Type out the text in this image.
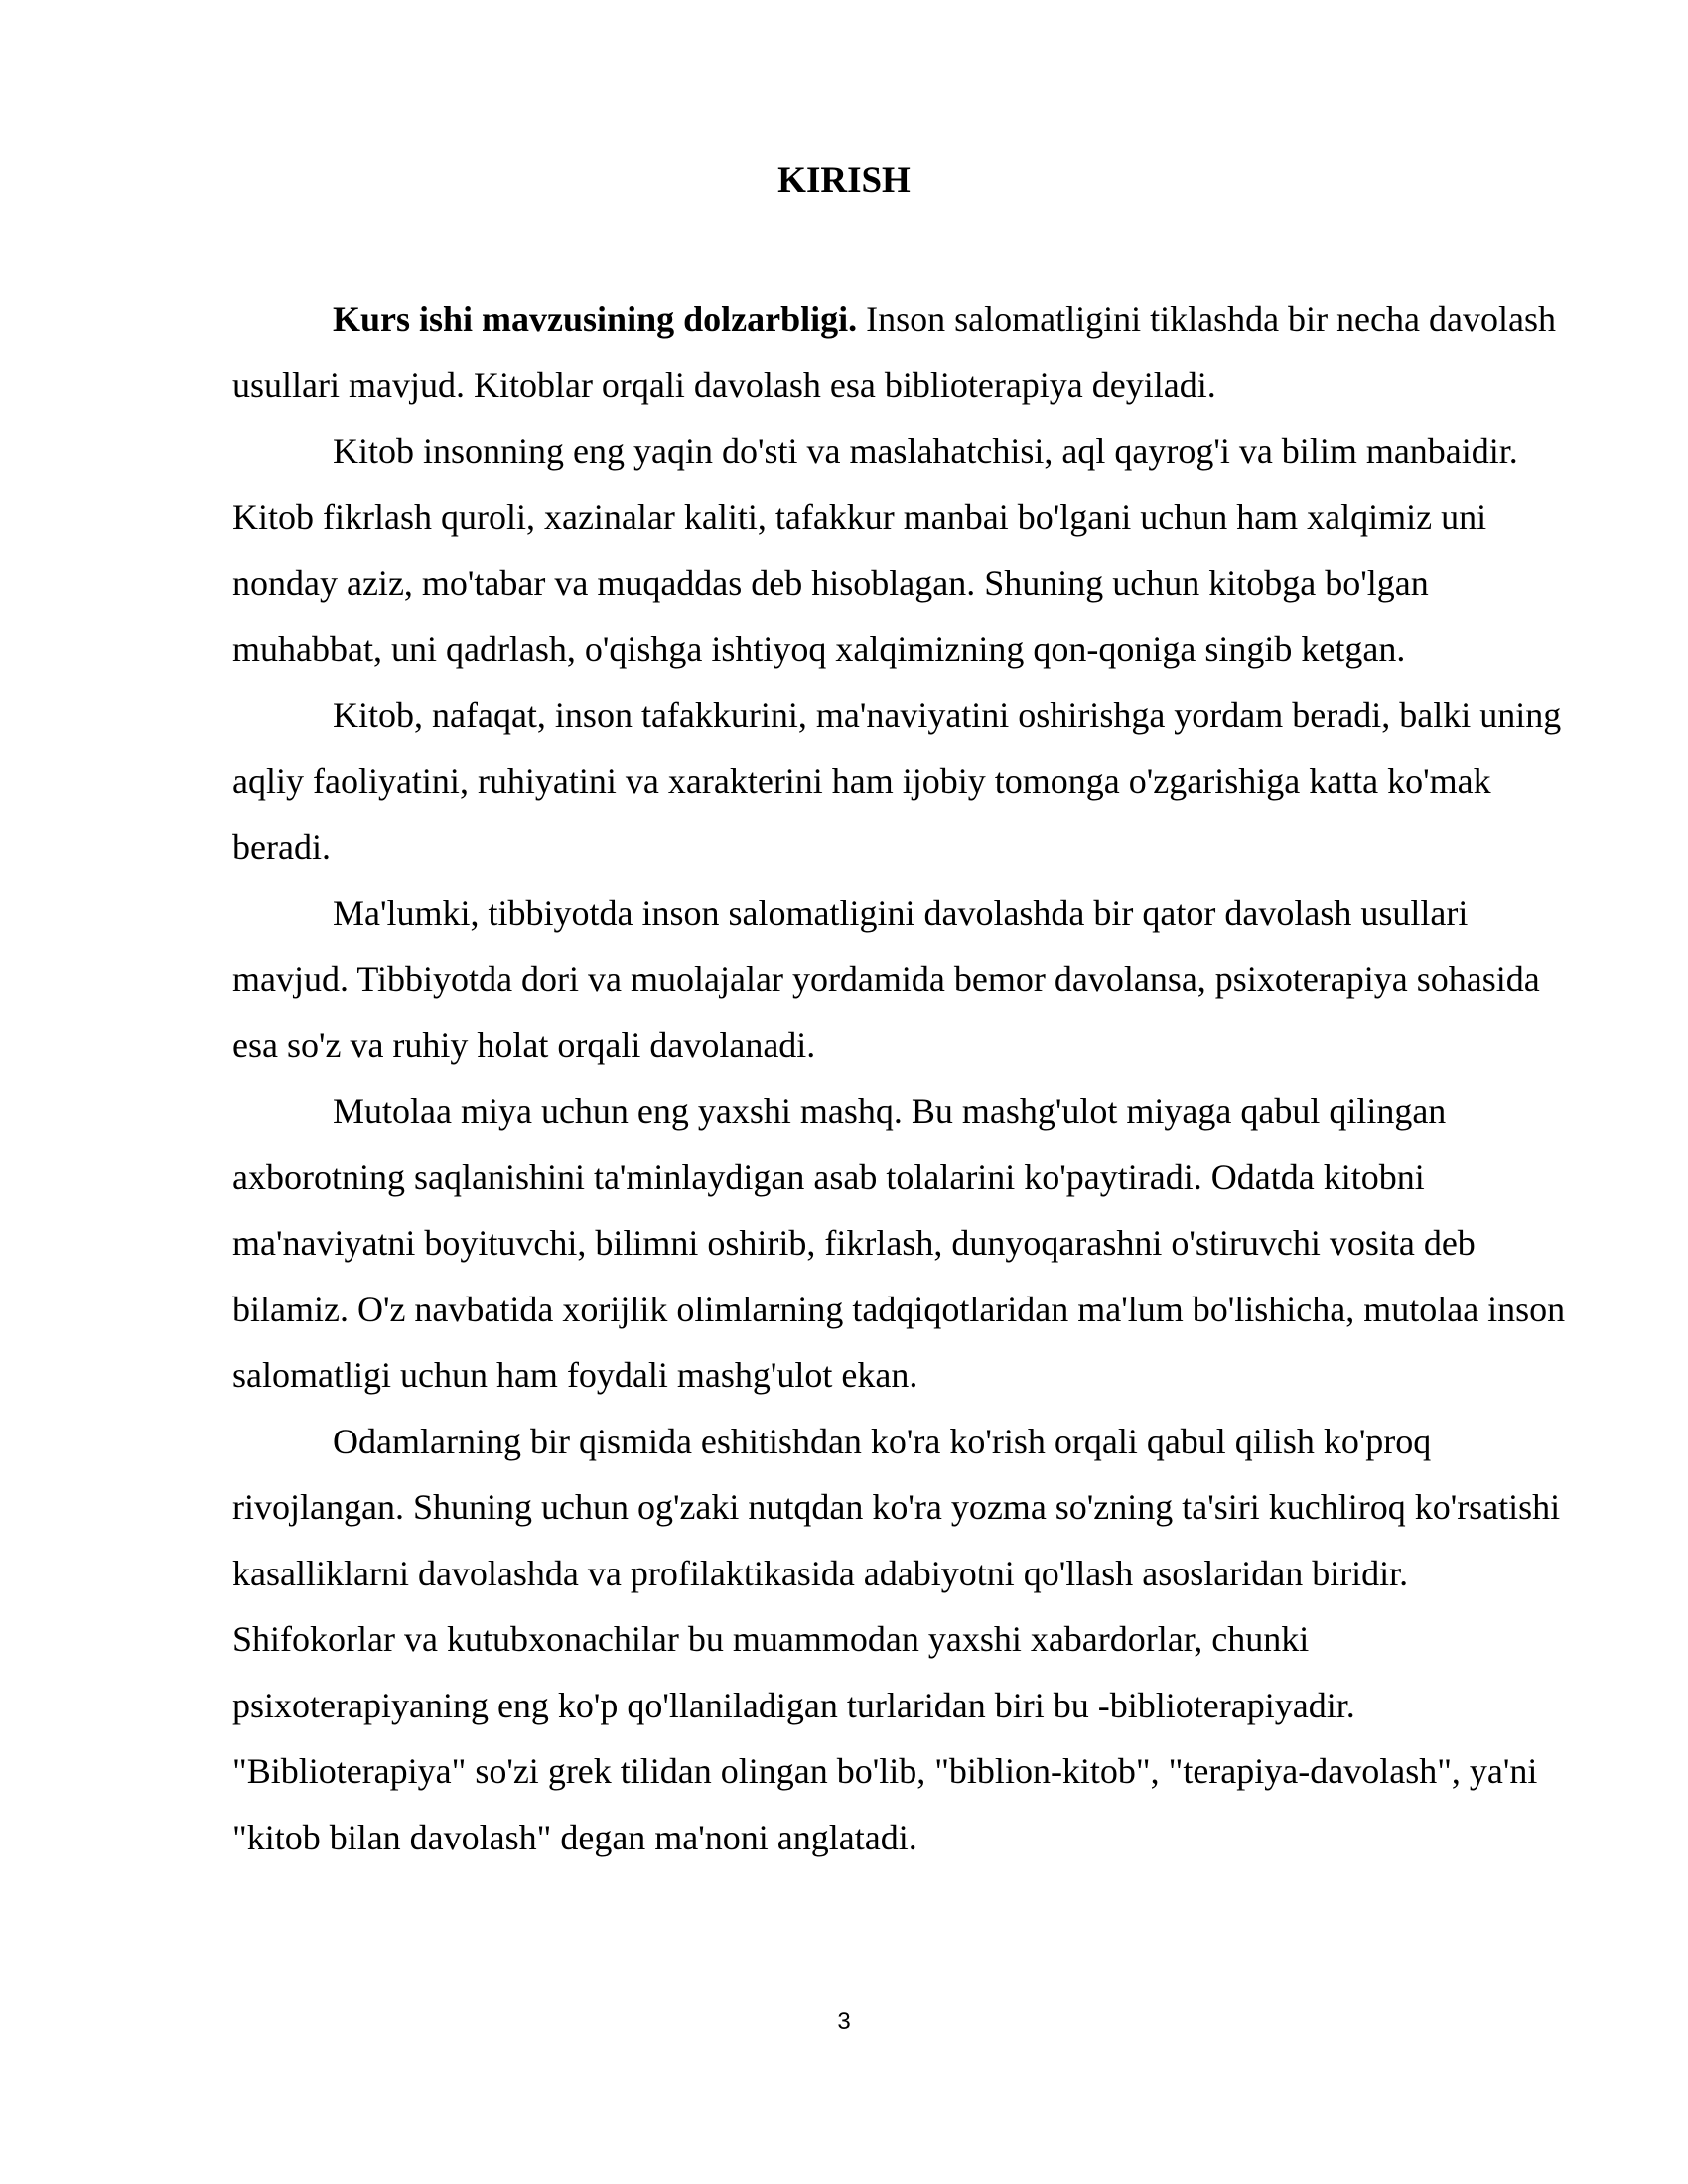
KIRISH

Kurs ishi mavzusining dolzarbligi. Inson salomatligini tiklashda bir necha davolash usullari mavjud. Kitoblar orqali davolash esa biblioterapiya deyiladi.

Kitob insonning eng yaqin do'sti va maslahatchisi, aql qayrog'i va bilim manbaidir. Kitob fikrlash quroli, xazinalar kaliti, tafakkur manbai bo'lgani uchun ham xalqimiz uni nonday aziz, mo'tabar va muqaddas deb hisoblagan. Shuning uchun kitobga bo'lgan muhabbat, uni qadrlash, o'qishga ishtiyoq xalqimizning qon-qoniga singib ketgan.

Kitob, nafaqat, inson tafakkurini, ma'naviyatini oshirishga yordam beradi, balki uning aqliy faoliyatini, ruhiyatini va xarakterini ham ijobiy tomonga o'zgarishiga katta ko'mak beradi.

Ma'lumki, tibbiyotda inson salomatligini davolashda bir qator davolash usullari mavjud. Tibbiyotda dori va muolajalar yordamida bemor davolansa, psixoterapiya sohasida esa so'z va ruhiy holat orqali davolanadi.

Mutolaa miya uchun eng yaxshi mashq. Bu mashg'ulot miyaga qabul qilingan axborotning saqlanishini ta'minlaydigan asab tolalarini ko'paytiradi. Odatda kitobni ma'naviyatni boyituvchi, bilimni oshirib, fikrlash, dunyoqarashni o'stiruvchi vosita deb bilamiz. O'z navbatida xorijlik olimlarning tadqiqotlaridan ma'lum bo'lishicha, mutolaa inson salomatligi uchun ham foydali mashg'ulot ekan.

Odamlarning bir qismida eshitishdan ko'ra ko'rish orqali qabul qilish ko'proq rivojlangan. Shuning uchun og'zaki nutqdan ko'ra yozma so'zning ta'siri kuchliroq ko'rsatishi kasalliklarni davolashda va profilaktikasida adabiyotni qo'llash asoslaridan biridir. Shifokorlar va kutubxonachilar bu muammodan yaxshi xabardorlar, chunki psixoterapiyaning eng ko'p qo'llaniladigan turlaridan biri bu -biblioterapiyadir. "Biblioterapiya" so'zi grek tilidan olingan bo'lib, "biblion-kitob", "terapiya-davolash", ya'ni "kitob bilan davolash" degan ma'noni anglatadi.

3
